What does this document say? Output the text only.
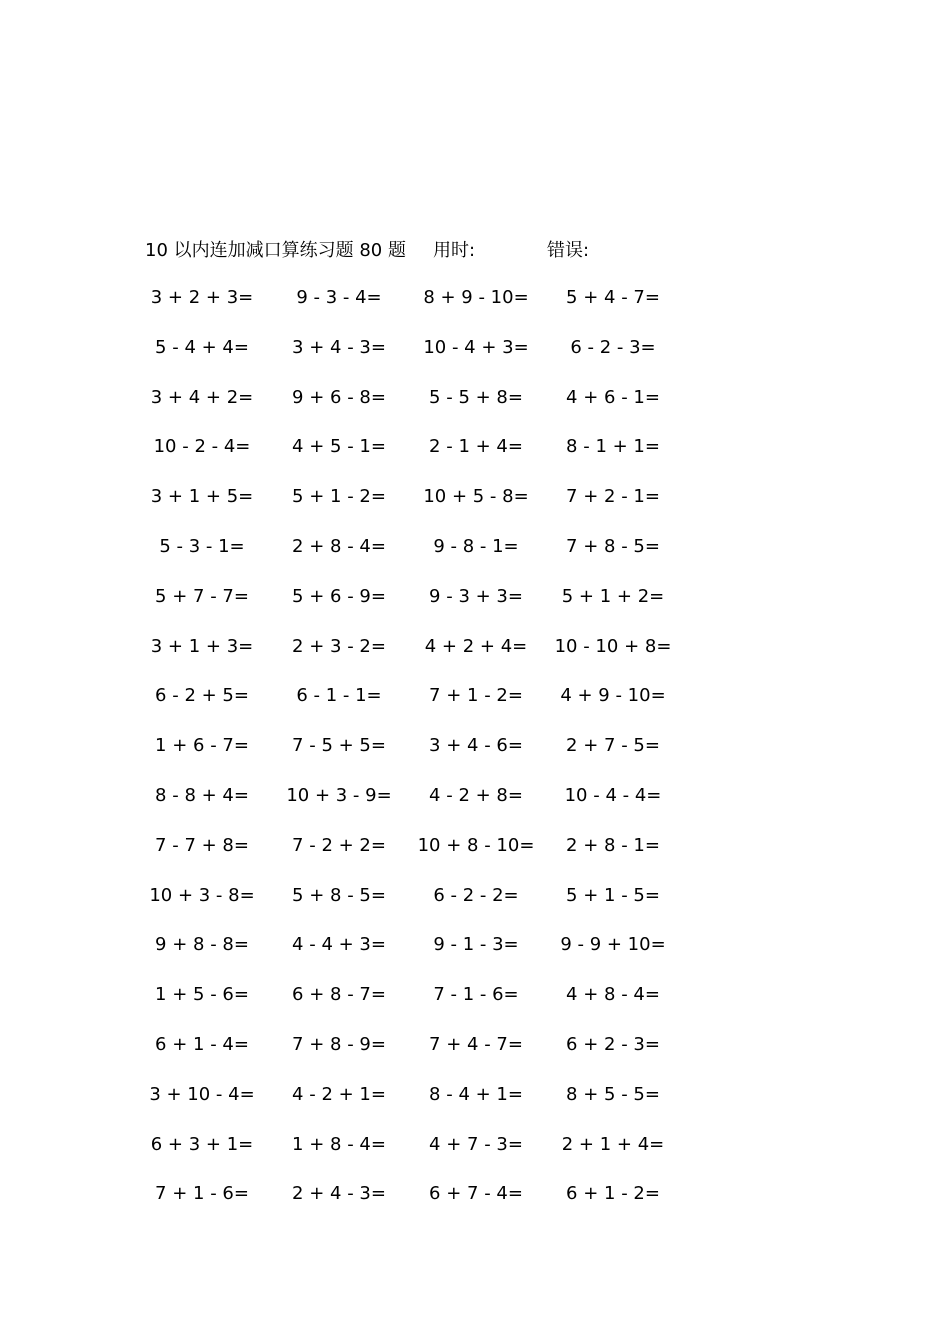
10 以内连加减口算练习题 80 题 用时:	错误:
3 + 2 + 3=	9 - 3 - 4=	8 + 9 - 10=	5 + 4 - 7=
5 - 4 + 4=	3 + 4 - 3=	10 - 4 + 3=	6 - 2 - 3=
3 + 4 + 2=	9 + 6 - 8=	5 - 5 + 8=	4 + 6 - 1=
10 - 2 - 4=	4 + 5 - 1=	2 - 1 + 4=	8 - 1 + 1=
3 + 1 + 5=	5 + 1 - 2=	10 + 5 - 8=	7 + 2 - 1=
5 - 3 - 1=	2 + 8 - 4=	9 - 8 - 1=	7 + 8 - 5=
5 + 7 - 7=	5 + 6 - 9=	9 - 3 + 3=	5 + 1 + 2=
3 + 1 + 3=	2 + 3 - 2=	4 + 2 + 4=	10 - 10 + 8=
6 - 2 + 5=	6 - 1 - 1=	7 + 1 - 2=	4 + 9 - 10=
1 + 6 - 7=	7 - 5 + 5=	3 + 4 - 6=	2 + 7 - 5=
8 - 8 + 4=	10 + 3 - 9=	4 - 2 + 8=	10 - 4 - 4=
7 - 7 + 8=	7 - 2 + 2=	10 + 8 - 10=	2 + 8 - 1=
10 + 3 - 8=	5 + 8 - 5=	6 - 2 - 2=	5 + 1 - 5=
9 + 8 - 8=	4 - 4 + 3=	9 - 1 - 3=	9 - 9 + 10=
1 + 5 - 6=	6 + 8 - 7=	7 - 1 - 6=	4 + 8 - 4=
6 + 1 - 4=	7 + 8 - 9=	7 + 4 - 7=	6 + 2 - 3=
3 + 10 - 4=	4 - 2 + 1=	8 - 4 + 1=	8 + 5 - 5=
6 + 3 + 1=	1 + 8 - 4=	4 + 7 - 3=	2 + 1 + 4=
7 + 1 - 6=	2 + 4 - 3=	6 + 7 - 4=	6 + 1 - 2=
